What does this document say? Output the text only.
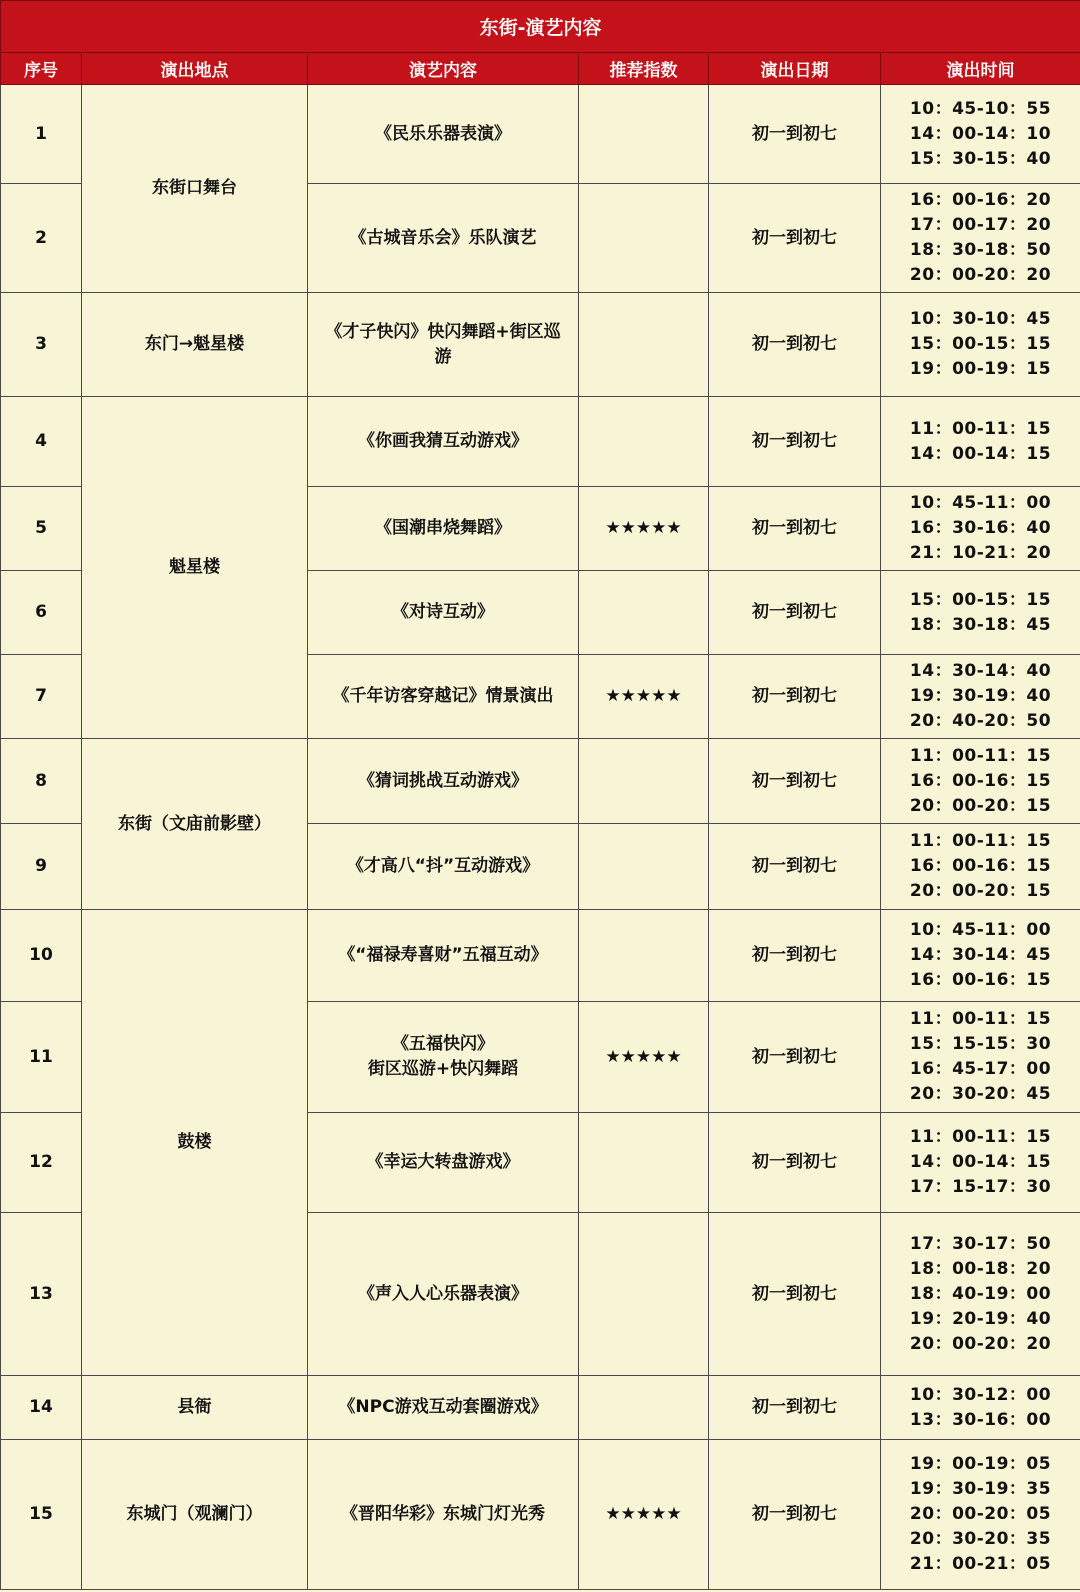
东街-演艺内容					
序号	演出地点	演艺内容	推荐指数	演出日期	演出时间
1	东街口舞台	《民乐乐器表演》		初一到初七	10：45-10：55
14：00-14：10
15：30-15：40

2		《古城音乐会》乐队演艺		初一到初七	16：00-16：20
17：00-17：20
18：30-18：50
20：00-20：20

3	东门→魁星楼	《才子快闪》快闪舞蹈+街区巡游		初一到初七	10：30-10：45
15：00-15：15
19：00-19：15

4	魁星楼	《你画我猜互动游戏》		初一到初七	11：00-11：15
14：00-14：15

5		《国潮串烧舞蹈》	★★★★★	初一到初七	10：45-11：00
16：30-16：40
21：10-21：20

6		《对诗互动》		初一到初七	15：00-15：15
18：30-18：45

7		《千年访客穿越记》情景演出	★★★★★	初一到初七	14：30-14：40
19：30-19：40
20：40-20：50

8	东街（文庙前影壁）	《猜词挑战互动游戏》		初一到初七	11：00-11：15
16：00-16：15
20：00-20：15

9		《才高八“抖”互动游戏》		初一到初七	11：00-11：15
16：00-16：15
20：00-20：15

10	鼓楼	《“福禄寿喜财”五福互动》		初一到初七	10：45-11：00
14：30-14：45
16：00-16：15

11		《五福快闪》
街区巡游+快闪舞蹈	★★★★★	初一到初七	11：00-11：15
15：15-15：30
16：45-17：00
20：30-20：45

12		《幸运大转盘游戏》		初一到初七	11：00-11：15
14：00-14：15
17：15-17：30

13		《声入人心乐器表演》		初一到初七	17：30-17：50
18：00-18：20
18：40-19：00
19：20-19：40
20：00-20：20

14	县衙	《NPC游戏互动套圈游戏》		初一到初七	10：30-12：00
13：30-16：00

15	东城门（观澜门）	《晋阳华彩》东城门灯光秀	★★★★★	初一到初七	19：00-19：05
19：30-19：35
20：00-20：05
20：30-20：35
21：00-21：05
